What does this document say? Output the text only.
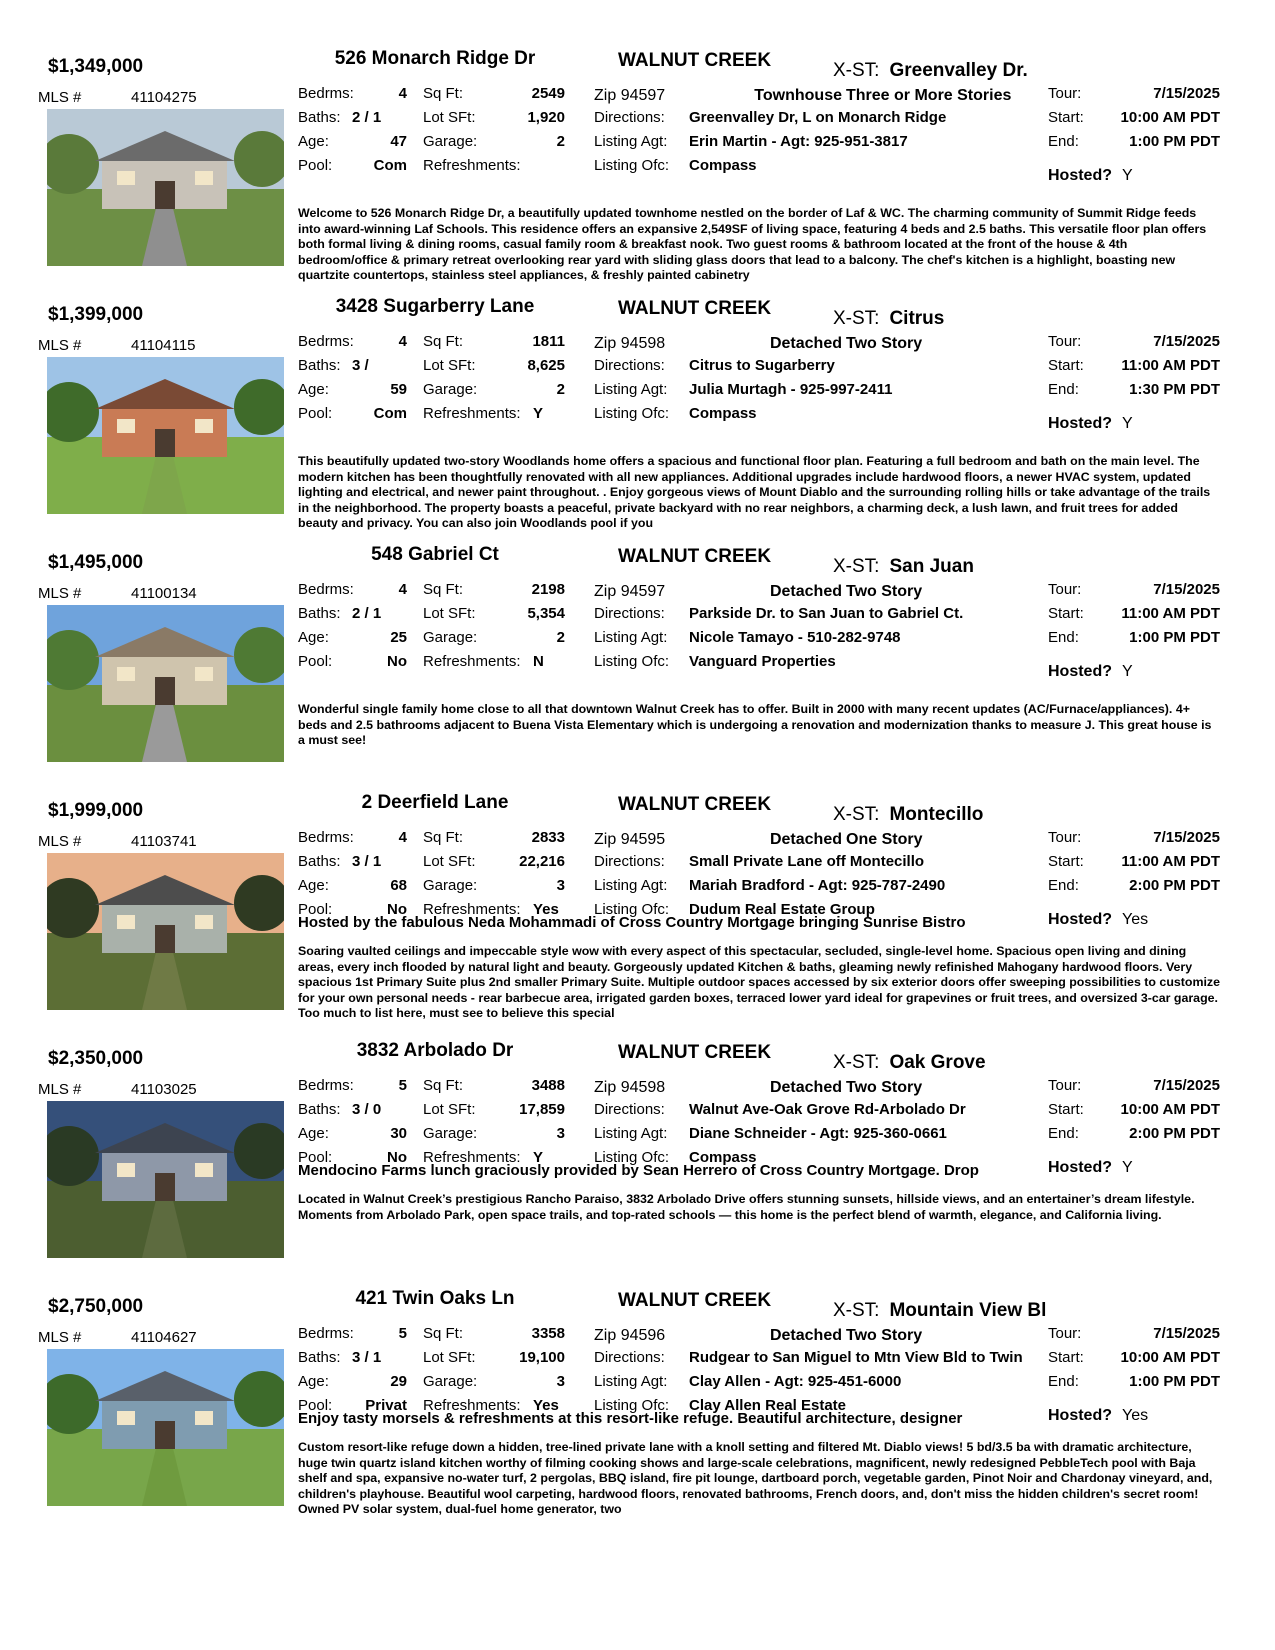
$1,349,000	526 Monarch Ridge Dr	WALNUT CREEK	X-ST: Greenvalley Dr.
MLS #	41104275	Bedrms:	4 Sq Ft:	2549
Baths: 2 / 1	Lot SFt:	1,920
Age:	47 Garage:	2
Pool:	Com Refreshments:
Zip 94597	Townhouse Three or More Stories
Directions: Greenvalley Dr, L on Monarch Ridge
Listing Agt: Erin Martin - Agt: 925-951-3817
Listing Ofc: Compass
Tour:	7/15/2025
Start:	10:00 AM PDT
End:	1:00 PM PDT
Hosted? Y
Welcome to 526 Monarch Ridge Dr, a beautifully updated townhome nestled on the border of Laf & WC. The charming community of Summit Ridge feeds into award-winning Laf Schools. This residence offers an expansive 2,549SF of living space, featuring 4 beds and 2.5 baths. This versatile floor plan offers both formal living & dining rooms, casual family room & breakfast nook. Two guest rooms & bathroom located at the front of the house & 4th bedroom/office & primary retreat overlooking rear yard with sliding glass doors that lead to a balcony. The chef's kitchen is a highlight, boasting new quartzite countertops, stainless steel appliances, & freshly painted cabinetry
$1,399,000	3428 Sugarberry Lane	WALNUT CREEK	X-ST: Citrus
MLS #	41104115	Bedrms:	4 Sq Ft:	1811
Baths: 3 /	Lot SFt:	8,625
Age:	59 Garage:	2
Pool:	Com Refreshments: Y
Zip 94598	Detached Two Story
Directions: Citrus to Sugarberry
Listing Agt: Julia Murtagh - 925-997-2411
Listing Ofc: Compass
Tour:	7/15/2025
Start:	11:00 AM PDT
End:	1:30 PM PDT
Hosted? Y
This beautifully updated two-story Woodlands home offers a spacious and functional floor plan. Featuring a full bedroom and bath on the main level. The modern kitchen has been thoughtfully renovated with all new appliances. Additional upgrades include hardwood floors, a newer HVAC system, updated lighting and electrical, and newer paint throughout. . Enjoy gorgeous views of Mount Diablo and the surrounding rolling hills or take advantage of the trails in the neighborhood. The property boasts a peaceful, private backyard with no rear neighbors, a charming deck, a lush lawn, and fruit trees for added beauty and privacy. You can also join Woodlands pool if you
$1,495,000	548 Gabriel Ct	WALNUT CREEK	X-ST: San Juan
MLS #	41100134	Bedrms:	4 Sq Ft:	2198
Baths: 2 / 1	Lot SFt:	5,354
Age:	25 Garage:	2
Pool:	No Refreshments: N
Zip 94597	Detached Two Story
Directions: Parkside Dr. to San Juan to Gabriel Ct.
Listing Agt: Nicole Tamayo - 510-282-9748
Listing Ofc: Vanguard Properties
Tour:	7/15/2025
Start:	11:00 AM PDT
End:	1:00 PM PDT
Hosted? Y
Wonderful single family home close to all that downtown Walnut Creek has to offer. Built in 2000 with many recent updates (AC/Furnace/appliances). 4+ beds and 2.5 bathrooms adjacent to Buena Vista Elementary which is undergoing a renovation and modernization thanks to measure J. This great house is a must see!
$1,999,000	2 Deerfield Lane	WALNUT CREEK	X-ST: Montecillo
MLS #	41103741	Bedrms:	4 Sq Ft:	2833
Baths: 3 / 1	Lot SFt:	22,216
Age:	68 Garage:	3
Pool:	No Refreshments: Yes
Zip 94595	Detached One Story
Directions: Small Private Lane off Montecillo
Listing Agt: Mariah Bradford - Agt: 925-787-2490
Listing Ofc: Dudum Real Estate Group
Tour:	7/15/2025
Start:	11:00 AM PDT
End:	2:00 PM PDT
Hosted? Yes
Hosted by the fabulous Neda Mohammadi of Cross Country Mortgage bringing Sunrise Bistro
Soaring vaulted ceilings and impeccable style wow with every aspect of this spectacular, secluded, single-level home. Spacious open living and dining areas, every inch flooded by natural light and beauty. Gorgeously updated Kitchen & baths, gleaming newly refinished Mahogany hardwood floors. Very spacious 1st Primary Suite plus 2nd smaller Primary Suite. Multiple outdoor spaces accessed by six exterior doors offer sweeping possibilities to customize for your own personal needs - rear barbecue area, irrigated garden boxes, terraced lower yard ideal for grapevines or fruit trees, and oversized 3-car garage. Too much to list here, must see to believe this special
$2,350,000	3832 Arbolado Dr	WALNUT CREEK	X-ST: Oak Grove
MLS #	41103025	Bedrms:	5 Sq Ft:	3488
Baths: 3 / 0	Lot SFt:	17,859
Age:	30 Garage:	3
Pool:	No Refreshments: Y
Zip 94598	Detached Two Story
Directions: Walnut Ave-Oak Grove Rd-Arbolado Dr
Listing Agt: Diane Schneider - Agt: 925-360-0661
Listing Ofc: Compass
Tour:	7/15/2025
Start:	10:00 AM PDT
End:	2:00 PM PDT
Hosted? Y
Mendocino Farms lunch graciously provided by Sean Herrero of Cross Country Mortgage. Drop
Located in Walnut Creek’s prestigious Rancho Paraiso, 3832 Arbolado Drive offers stunning sunsets, hillside views, and an entertainer’s dream lifestyle. Moments from Arbolado Park, open space trails, and top-rated schools — this home is the perfect blend of warmth, elegance, and California living.
$2,750,000	421 Twin Oaks Ln	WALNUT CREEK	X-ST: Mountain View Bl
MLS #	41104627	Bedrms:	5 Sq Ft:	3358
Baths: 3 / 1	Lot SFt:	19,100
Age:	29 Garage:	3
Pool:	Privat Refreshments: Yes
Zip 94596	Detached Two Story
Directions: Rudgear to San Miguel to Mtn View Bld to Twin
Listing Agt: Clay Allen - Agt: 925-451-6000
Listing Ofc: Clay Allen Real Estate
Tour:	7/15/2025
Start:	10:00 AM PDT
End:	1:00 PM PDT
Hosted? Yes
Enjoy tasty morsels & refreshments at this resort-like refuge. Beautiful architecture, designer
Custom resort-like refuge down a hidden, tree-lined private lane with a knoll setting and filtered Mt. Diablo views! 5 bd/3.5 ba with dramatic architecture, huge twin quartz island kitchen worthy of filming cooking shows and large-scale celebrations, magnificent, newly redesigned PebbleTech pool with Baja shelf and spa, expansive no-water turf, 2 pergolas, BBQ island, fire pit lounge, dartboard porch, vegetable garden, Pinot Noir and Chardonay vineyard, and, children's playhouse. Beautiful wool carpeting, hardwood floors, renovated bathrooms, French doors, and, don't miss the hidden children's secret room! Owned PV solar system, dual-fuel home generator, two
